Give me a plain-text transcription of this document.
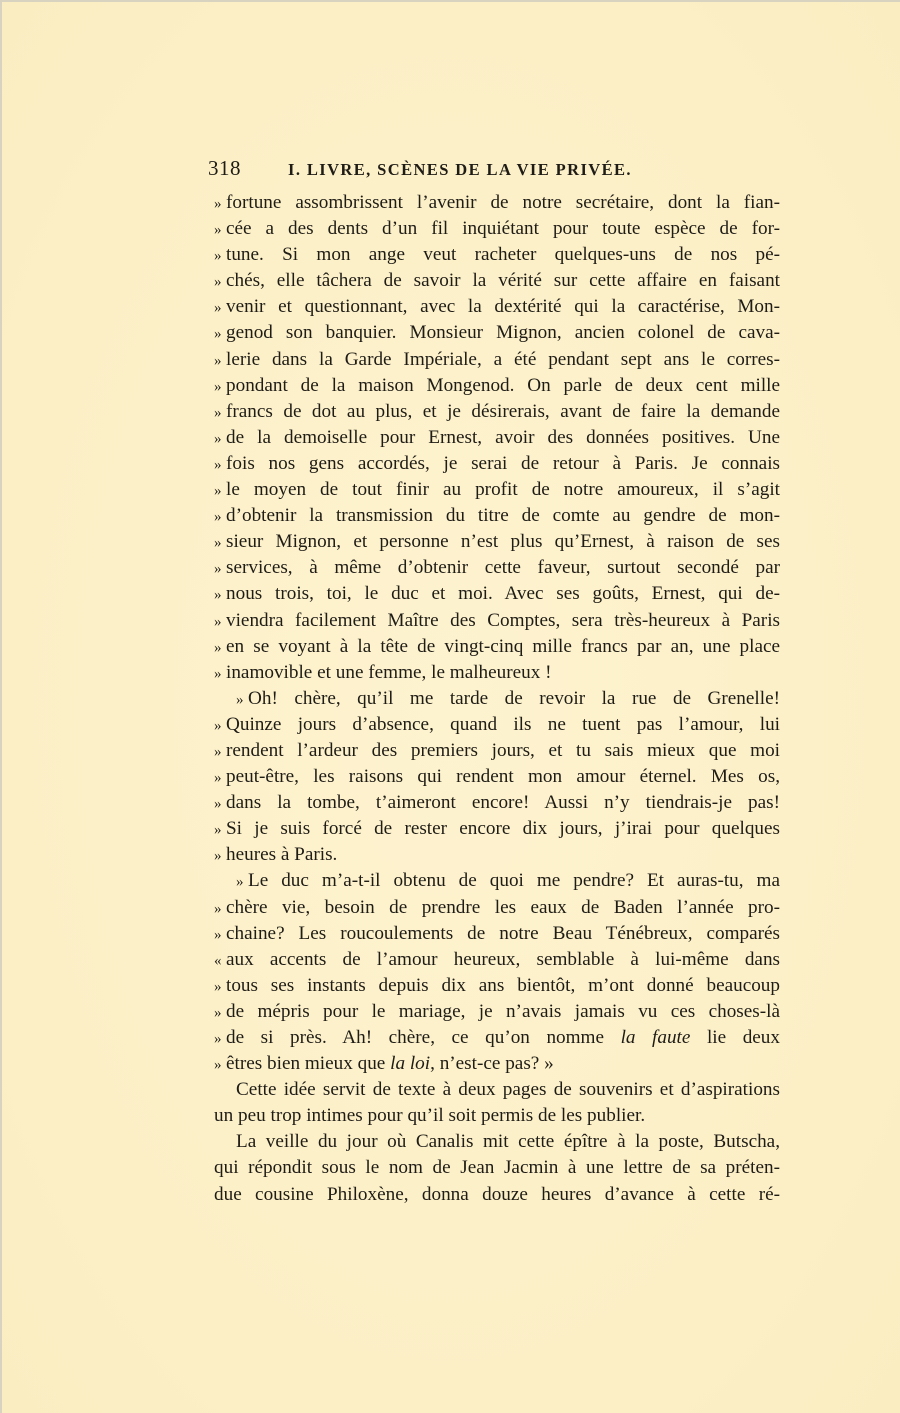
318	I. LIVRE, SCÈNES DE LA VIE PRIVÉE.
» fortune assombrissent l’avenir de notre secrétaire, dont la fian-
» cée a des dents d’un fil inquiétant pour toute espèce de for-
» tune. Si mon ange veut racheter quelques-uns de nos pé-
» chés, elle tâchera de savoir la vérité sur cette affaire en faisant
» venir et questionnant, avec la dextérité qui la caractérise, Mon-
» genod son banquier. Monsieur Mignon, ancien colonel de cava-
» lerie dans la Garde Impériale, a été pendant sept ans le corres-
» pondant de la maison Mongenod. On parle de deux cent mille
» francs de dot au plus, et je désirerais, avant de faire la demande
» de la demoiselle pour Ernest, avoir des données positives. Une
» fois nos gens accordés, je serai de retour à Paris. Je connais
» le moyen de tout finir au profit de notre amoureux, il s’agit
» d’obtenir la transmission du titre de comte au gendre de mon-
» sieur Mignon, et personne n’est plus qu’Ernest, à raison de ses
» services, à même d’obtenir cette faveur, surtout secondé par
» nous trois, toi, le duc et moi. Avec ses goûts, Ernest, qui de-
» viendra facilement Maître des Comptes, sera très-heureux à Paris
» en se voyant à la tête de vingt-cinq mille francs par an, une place
» inamovible et une femme, le malheureux !
» Oh! chère, qu’il me tarde de revoir la rue de Grenelle!
» Quinze jours d’absence, quand ils ne tuent pas l’amour, lui
» rendent l’ardeur des premiers jours, et tu sais mieux que moi
» peut-être, les raisons qui rendent mon amour éternel. Mes os,
» dans la tombe, t’aimeront encore! Aussi n’y tiendrais-je pas!
» Si je suis forcé de rester encore dix jours, j’irai pour quelques
» heures à Paris.
» Le duc m’a-t-il obtenu de quoi me pendre? Et auras-tu, ma
» chère vie, besoin de prendre les eaux de Baden l’année pro-
» chaine? Les roucoulements de notre Beau Ténébreux, comparés
« aux accents de l’amour heureux, semblable à lui-même dans
» tous ses instants depuis dix ans bientôt, m’ont donné beaucoup
» de mépris pour le mariage, je n’avais jamais vu ces choses-là
» de si près. Ah! chère, ce qu’on nomme la faute lie deux
» êtres bien mieux que la loi, n’est-ce pas? »
Cette idée servit de texte à deux pages de souvenirs et d’aspirations
un peu trop intimes pour qu’il soit permis de les publier.
La veille du jour où Canalis mit cette épître à la poste, Butscha,
qui répondit sous le nom de Jean Jacmin à une lettre de sa préten-
due cousine Philoxène, donna douze heures d’avance à cette ré-
